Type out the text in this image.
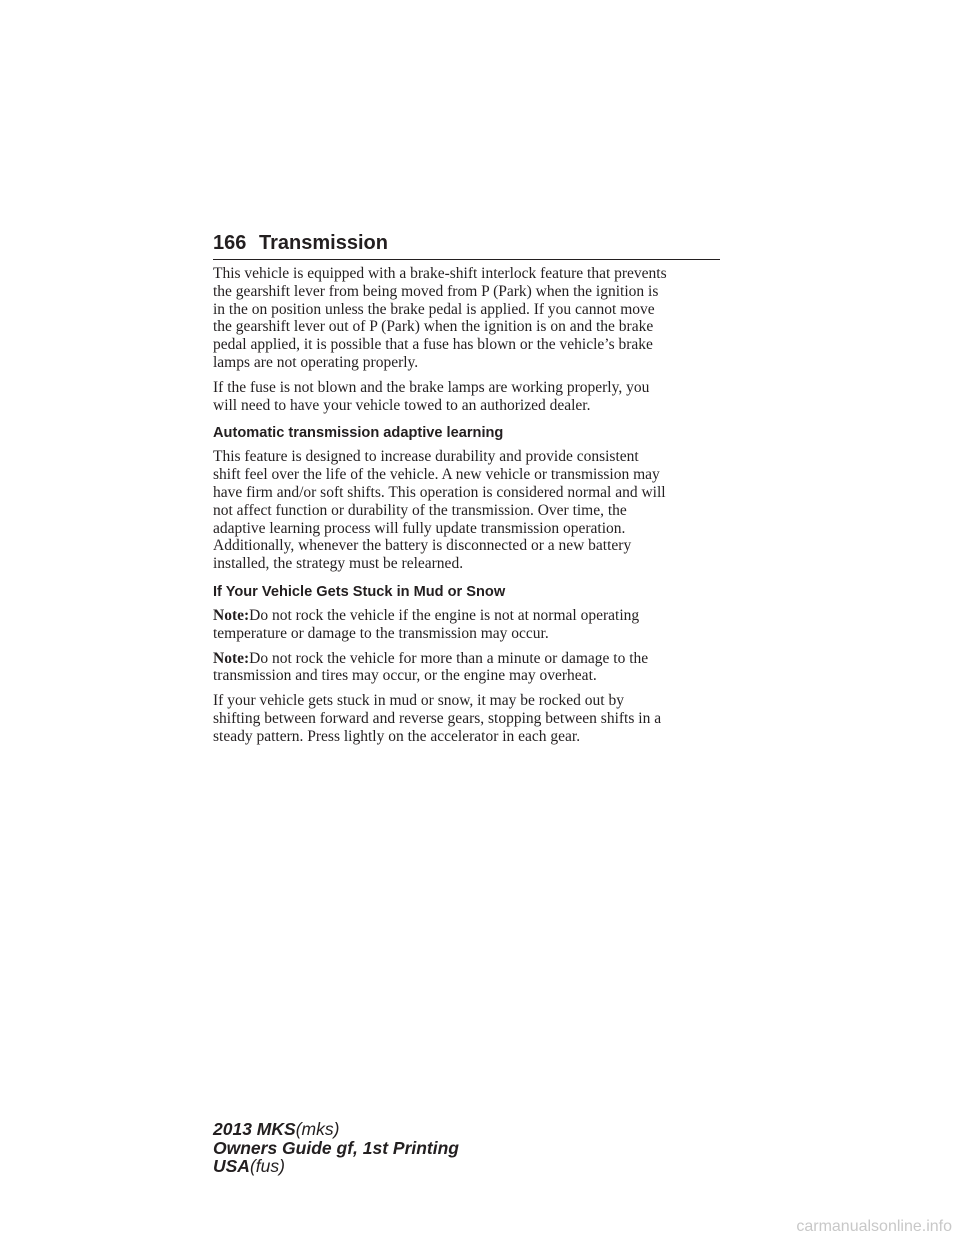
166 Transmission

This vehicle is equipped with a brake-shift interlock feature that prevents
the gearshift lever from being moved from P (Park) when the ignition is
in the on position unless the brake pedal is applied. If you cannot move
the gearshift lever out of P (Park) when the ignition is on and the brake
pedal applied, it is possible that a fuse has blown or the vehicle’s brake
lamps are not operating properly.

If the fuse is not blown and the brake lamps are working properly, you
will need to have your vehicle towed to an authorized dealer.

Automatic transmission adaptive learning

This feature is designed to increase durability and provide consistent
shift feel over the life of the vehicle. A new vehicle or transmission may
have firm and/or soft shifts. This operation is considered normal and will
not affect function or durability of the transmission. Over time, the
adaptive learning process will fully update transmission operation.
Additionally, whenever the battery is disconnected or a new battery
installed, the strategy must be relearned.

If Your Vehicle Gets Stuck in Mud or Snow

Note:Do not rock the vehicle if the engine is not at normal operating
temperature or damage to the transmission may occur.

Note:Do not rock the vehicle for more than a minute or damage to the
transmission and tires may occur, or the engine may overheat.

If your vehicle gets stuck in mud or snow, it may be rocked out by
shifting between forward and reverse gears, stopping between shifts in a
steady pattern. Press lightly on the accelerator in each gear.

2013 MKS(mks)
Owners Guide gf, 1st Printing
USA(fus)
carmanualsonline.info
